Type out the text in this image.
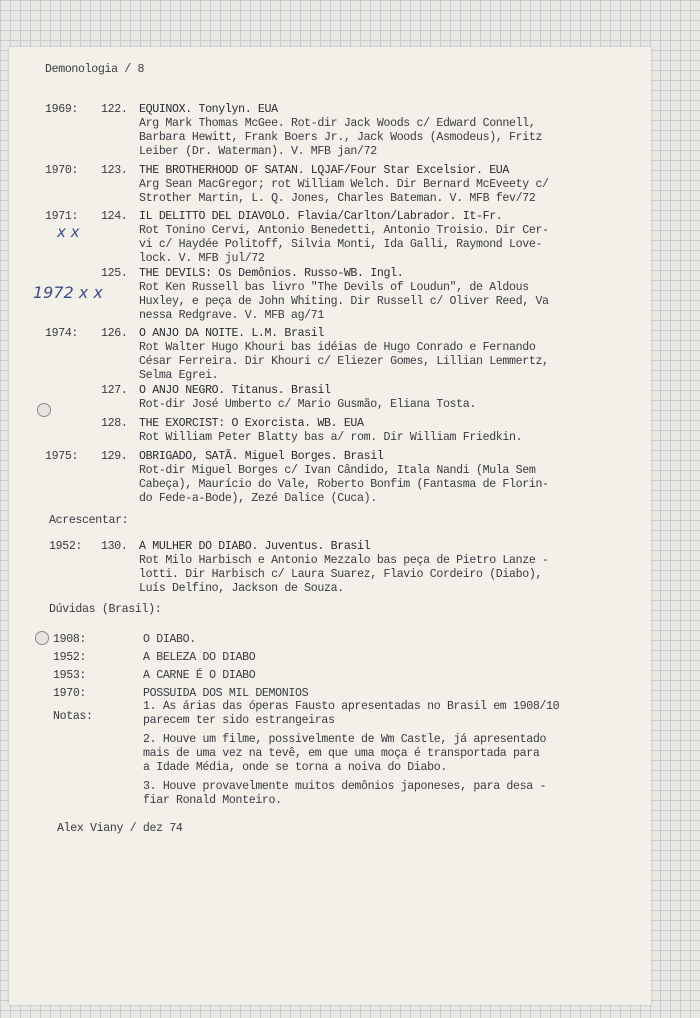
Demonologia / 8
1969: 122. EQUINOX. Tonylyn. EUA
Arg Mark Thomas McGee. Rot-dir Jack Woods c/ Edward Connell,
Barbara Hewitt, Frank Boers Jr., Jack Woods (Asmodeus), Fritz
Leiber (Dr. Waterman). V. MFB jan/72
1970: 123. THE BROTHERHOOD OF SATAN. LQJAF/Four Star Excelsior. EUA
Arg Sean MacGregor; rot William Welch. Dir Bernard McEveety c/
Strother Martin, L. Q. Jones, Charles Bateman. V. MFB fev/72
1971: 124. IL DELITTO DEL DIAVOLO. Flavia/Carlton/Labrador. It-Fr.
Rot Tonino Cervi, Antonio Benedetti, Antonio Troisio. Dir Cer-
vi c/ Haydée Politoff, Silvia Monti, Ida Galli, Raymond Love-
lock. V. MFB jul/72
x x
125. THE DEVILS: Os Demônios. Russo-WB. Ingl.
Rot Ken Russell bas livro "The Devils of Loudun", de Aldous
Huxley, e peça de John Whiting. Dir Russell c/ Oliver Reed, Va
nessa Redgrave. V. MFB ag/71
1972 x x
1974: 126. O ANJO DA NOITE. L.M. Brasil
Rot Walter Hugo Khouri bas idéias de Hugo Conrado e Fernando
César Ferreira. Dir Khouri c/ Eliezer Gomes, Lillian Lemmertz,
Selma Egrei.
127. O ANJO NEGRO. Titanus. Brasil
Rot-dir José Umberto c/ Mario Gusmão, Eliana Tosta.
128. THE EXORCIST: O Exorcista. WB. EUA
Rot William Peter Blatty bas a/ rom. Dir William Friedkin.
1975: 129. OBRIGADO, SATÃ. Miguel Borges. Brasil
Rot-dir Miguel Borges c/ Ivan Cândido, Itala Nandi (Mula Sem
Cabeça), Maurício do Vale, Roberto Bonfim (Fantasma de Florin-
do Fede-a-Bode), Zezé Dalice (Cuca).
Acrescentar:
1952: 130. A MULHER DO DIABO. Juventus. Brasil
Rot Milo Harbisch e Antonio Mezzalo bas peça de Pietro Lanze -
lotti. Dir Harbisch c/ Laura Suarez, Flavio Cordeiro (Diabo),
Luís Delfino, Jackson de Souza.
Dúvidas (Brasil):
1908:	O DIABO.
1952:	A BELEZA DO DIABO
1953:	A CARNE É O DIABO
1970:	POSSUIDA DOS MIL DEMONIOS
Notas:
1. As árias das óperas Fausto apresentadas no Brasil em 1908/10
parecem ter sido estrangeiras
2. Houve um filme, possivelmente de Wm Castle, já apresentado
mais de uma vez na tevê, em que uma moça é transportada para
a Idade Média, onde se torna a noiva do Diabo.
3. Houve provavelmente muitos demônios japoneses, para desa -
fiar Ronald Monteiro.
Alex Viany / dez 74
